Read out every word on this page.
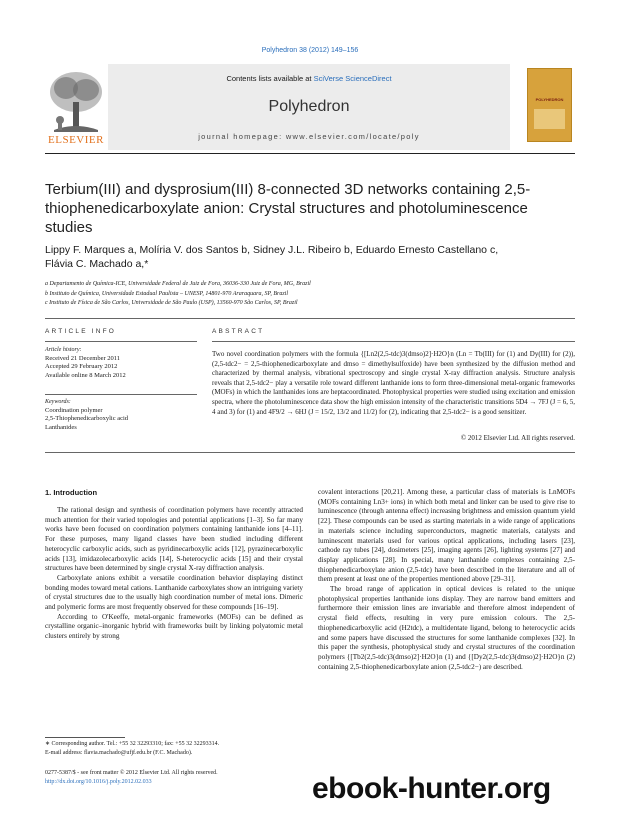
Polyhedron 38 (2012) 149–156
Contents lists available at SciVerse ScienceDirect
Polyhedron
journal homepage: www.elsevier.com/locate/poly
ELSEVIER
POLYHEDRON
Terbium(III) and dysprosium(III) 8-connected 3D networks containing 2,5-thiophenedicarboxylate anion: Crystal structures and photoluminescence studies
Lippy F. Marques a, Molíria V. dos Santos b, Sidney J.L. Ribeiro b, Eduardo Ernesto Castellano c,
Flávia C. Machado a,*
a Departamento de Química-ICE, Universidade Federal de Juiz de Fora, 36036-330 Juiz de Fora, MG, Brazil
b Instituto de Química, Universidade Estadual Paulista – UNESP, 14801-970 Araraquara, SP, Brazil
c Instituto de Física de São Carlos, Universidade de São Paulo (USP), 13560-970 São Carlos, SP, Brazil
ARTICLE INFO
Article history:
Received 21 December 2011
Accepted 29 February 2012
Available online 8 March 2012
Keywords:
Coordination polymer
2,5-Thiophenedicarboxylic acid
Lanthanides
ABSTRACT
Two novel coordination polymers with the formula {[Ln2(2,5-tdc)3(dmso)2]·H2O}n (Ln = Tb(III) for (1) and Dy(III) for (2)), (2,5-tdc2− = 2,5-thiophenedicarboxylate and dmso = dimethylsulfoxide) have been synthesized by the diffusion method and characterized by thermal analysis, vibrational spectroscopy and single crystal X-ray diffraction analysis. Structure analysis reveals that 2,5-tdc2− play a versatile role toward different lanthanide ions to form three-dimensional metal-organic frameworks (MOFs) in which the lanthanides ions are heptacoordinated. Photophysical properties were studied using excitation and emission spectra, where the photoluminescence data show the high emission intensity of the characteristic transitions 5D4 → 7FJ (J = 6, 5, 4 and 3) for (1) and 4F9/2 → 6HJ (J = 15/2, 13/2 and 11/2) for (2), indicating that 2,5-tdc2− is a good sensitizer.
© 2012 Elsevier Ltd. All rights reserved.
1. Introduction

The rational design and synthesis of coordination polymers have recently attracted much attention for their varied topologies and potential applications [1–3]. So far many works have been focused on coordination polymers containing lanthanide ions [4–11]. For these purposes, many ligand classes have been studied including different heterocyclic carboxylic acids, such as pyridinecarboxylic acids [12], pyrazinecarboxylic acids [13], imidazolecarboxylic acids [14], S-heterocyclic acids [15] and their crystal structures have been determined by single crystal X-ray diffraction analysis.

Carboxylate anions exhibit a versatile coordination behavior displaying distinct bonding modes toward metal cations. Lanthanide carboxylates show an intriguing variety of crystal structures due to the usually high coordination number of metal ions. Dimeric and polymeric forms are most frequently observed for these compounds [16–19].

According to O'Keeffe, metal-organic frameworks (MOFs) can be defined as crystalline organic–inorganic hybrid with frameworks built by linking polyatomic metal clusters entirely by strong

covalent interactions [20,21]. Among these, a particular class of materials is LnMOFs (MOFs containing Ln3+ ions) in which both metal and linker can be used to give rise to luminescence (through antenna effect) increasing brightness and emission quantum yield [22]. These compounds can be used as starting materials in a wide range of applications in materials science including superconductors, magnetic materials, catalysts and luminescent materials used for various optical applications, including lasers [23], cathode ray tubes [24], dosimeters [25], imaging agents [26], lighting systems [27] and display applications [28]. In special, many lanthanide complexes containing 2,5-thiophenedicarboxylate anion (2,5-tdc) have been described in the literature and all of them present at least one of the properties mentioned above [29–31].

The broad range of application in optical devices is related to the unique photophysical properties lanthanide ions display. They are narrow band emitters and furthermore their emission lines are invariable and therefore almost independent of crystal field effects, resulting in very pure emission colours. The 2,5-thiophenedicarboxylic acid (H2tdc), a multidentate ligand, belong to heterocyclic acids and some papers have discussed the structures for some lanthanide complexes [32]. In this paper the synthesis, photophysical study and crystal structures of the coordination polymers {[Tb2(2,5-tdc)3(dmso)2]·H2O}n (1) and {[Dy2(2,5-tdc)3(dmso)2]·H2O}n (2) containing 2,5-thiophenedicarboxylate anion (2,5-tdc2−) are described.

∗ Corresponding author. Tel.: +55 32 32293310; fax: +55 32 32293314.
E-mail address: flavia.machado@ufjf.edu.br (F.C. Machado).
0277-5387/$ - see front matter © 2012 Elsevier Ltd. All rights reserved.
http://dx.doi.org/10.1016/j.poly.2012.02.033	ebook-hunter.org
